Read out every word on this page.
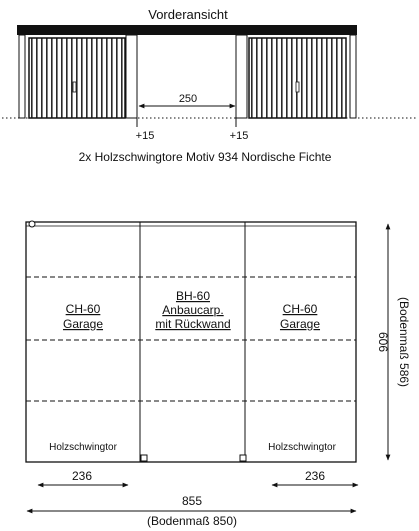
Vorderansicht
250
+15	+15
2x Holzschwingtore Motiv 934 Nordische Fichte
CH-60
Garage
Holzschwingtor
BH-60
Anbaucarp.
mit Rückwand
CH-60
Garage
Holzschwingtor
606 (Bodenmaß 586)
236	236
855
(Bodenmaß 850)
